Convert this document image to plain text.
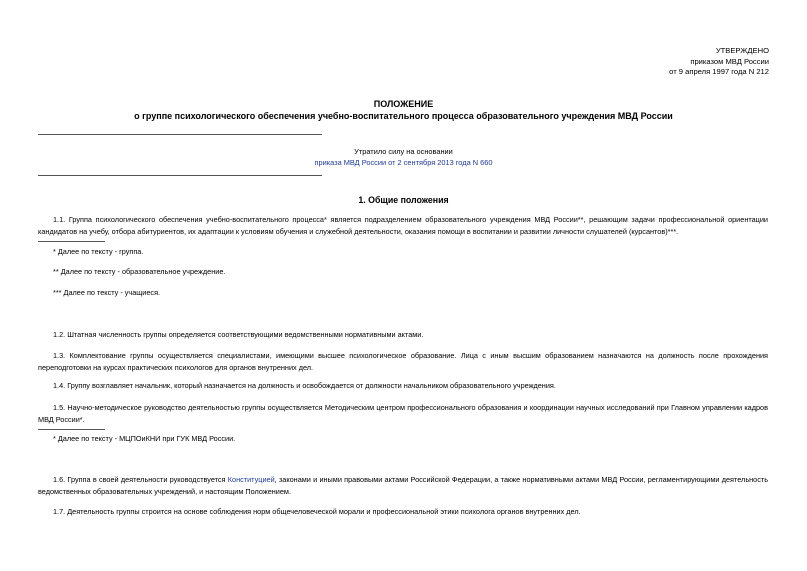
УТВЕРЖДЕНО
приказом МВД России
от 9 апреля 1997 года N 212
ПОЛОЖЕНИЕ
о группе психологического обеспечения учебно-воспитательного процесса образовательного учреждения МВД России
Утратило силу на основании
приказа МВД России от 2 сентября 2013 года N 660
1. Общие положения
1.1. Группа психологического обеспечения учебно-воспитательного процесса* является подразделением образовательного учреждения МВД России**, решающим задачи профессиональной ориентации кандидатов на учебу, отбора абитуриентов, их адаптации к условиям обучения и служебной деятельности, оказания помощи в воспитании и развитии личности слушателей (курсантов)***.
* Далее по тексту - группа.
** Далее по тексту - образовательное учреждение.
*** Далее по тексту - учащиеся.
1.2. Штатная численность группы определяется соответствующими ведомственными нормативными актами.
1.3. Комплектование группы осуществляется специалистами, имеющими высшее психологическое образование. Лица с иным высшим образованием назначаются на должность после прохождения переподготовки на курсах практических психологов для органов внутренних дел.
1.4. Группу возглавляет начальник, который назначается на должность и освобождается от должности начальником образовательного учреждения.
1.5. Научно-методическое руководство деятельностью группы осуществляется Методическим центром профессионального образования и координации научных исследований при Главном управлении кадров МВД России*.
* Далее по тексту - МЦПОиКНИ при ГУК МВД России.
1.6. Группа в своей деятельности руководствуется Конституцией, законами и иными правовыми актами Российской Федерации, а также нормативными актами МВД России, регламентирующими деятельность ведомственных образовательных учреждений, и настоящим Положением.
1.7. Деятельность группы строится на основе соблюдения норм общечеловеческой морали и профессиональной этики психолога органов внутренних дел.
